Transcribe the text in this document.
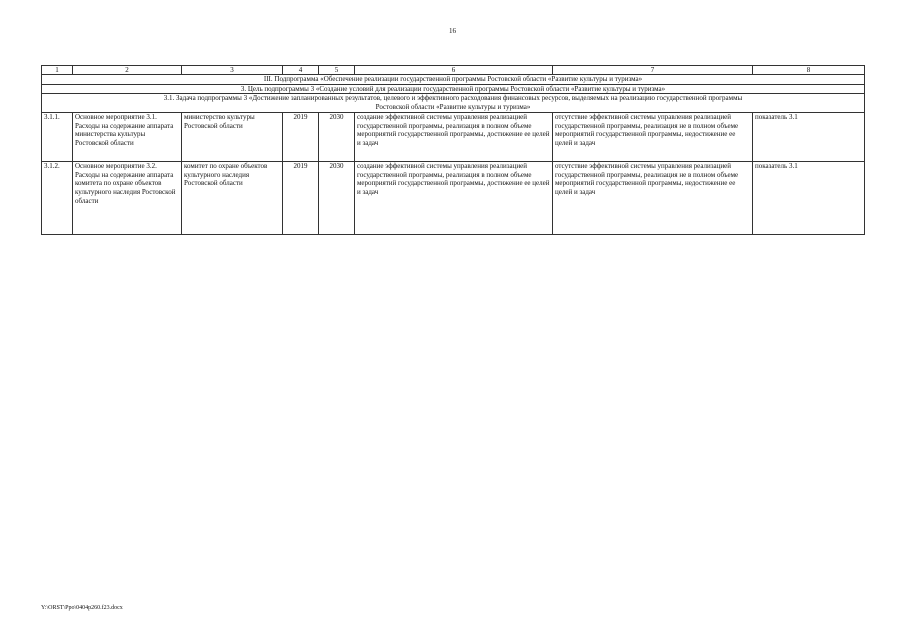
16
1	2	3	4	5	6	7	8
III. Подпрограмма «Обеспечение реализации государственной программы Ростовской области «Развитие культуры и туризма»							
3. Цель подпрограммы 3 «Создание условий для реализации государственной программы Ростовской области «Развитие культуры и туризма»							
3.1. Задача подпрограммы 3 «Достижение запланированных результатов, целевого и эффективного расходования финансовых ресурсов, выделяемых на реализацию государственной программы Ростовской области «Развитие культуры и туризма»							
3.1.1.	Основное мероприятие 3.1. Расходы на содержание аппарата министерства культуры Ростовской области	министерство культуры Ростовской области	2019	2030	создание эффективной системы управления реализацией государственной программы, реализация в полном объеме мероприятий государственной программы, достижение ее целей и задач	отсутствие эффективной системы управления реализацией государственной программы, реализация не в полном объеме мероприятий государственной программы, недостижение ее целей и задач	показатель 3.1
3.1.2.	Основное мероприятие 3.2. Расходы на содержание аппарата комитета по охране объектов культурного наследия Ростовской области	комитет по охране объектов культурного наследия Ростовской области	2019	2030	создание эффективной системы управления реализацией государственной программы, реализация в полном объеме мероприятий государственной программы, достижение ее целей и задач	отсутствие эффективной системы управления реализацией государственной программы, реализация не в полном объеме мероприятий государственной программы, недостижение ее целей и задач	показатель 3.1
Y:\ORST\Ppo\0404p260.f23.docx
